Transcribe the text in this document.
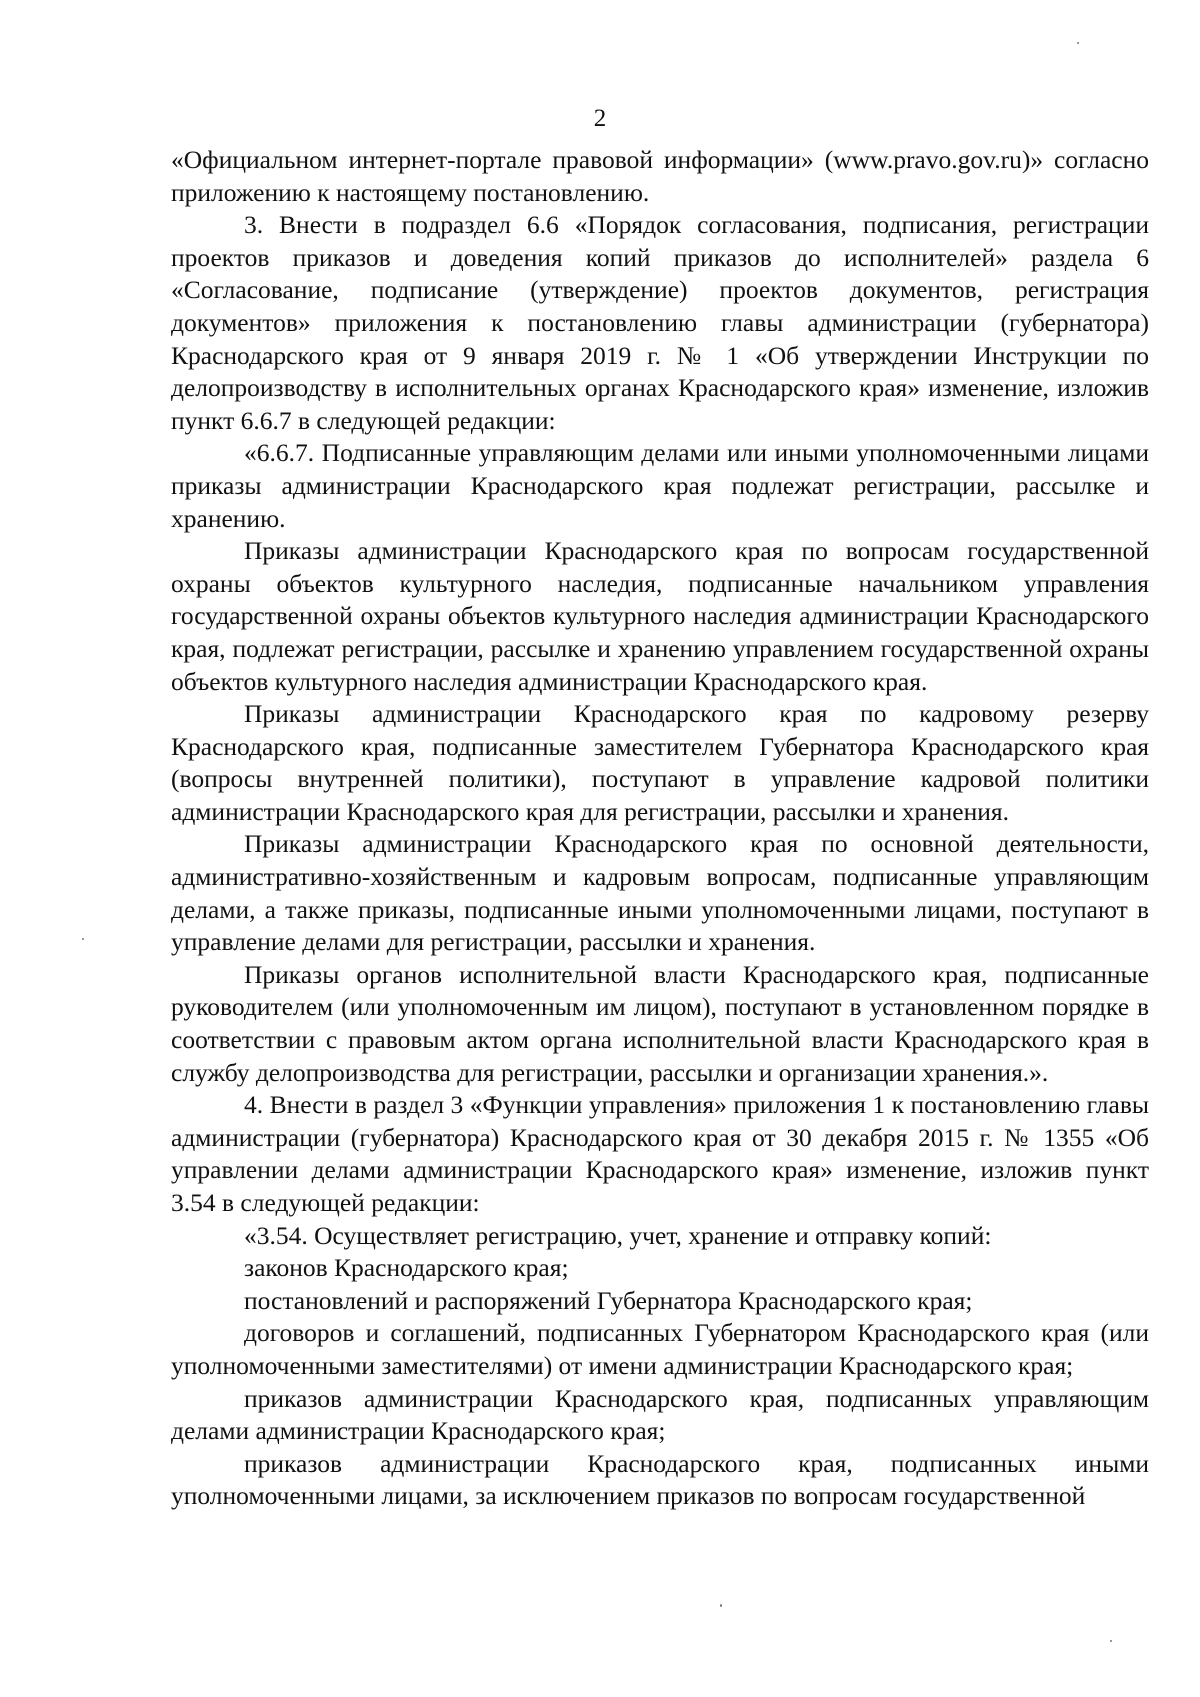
2

«Официальном интернет-портале правовой информации» (www.pravo.gov.ru)» согласно приложению к настоящему постановлению.

3. Внести в подраздел 6.6 «Порядок согласования, подписания, регистрации проектов приказов и доведения копий приказов до исполнителей» раздела 6 «Согласование, подписание (утверждение) проектов документов, регистрация документов» приложения к постановлению главы администрации (губернатора) Краснодарского края от 9 января 2019 г. № 1 «Об утверждении Инструкции по делопроизводству в исполнительных органах Краснодарского края» изменение, изложив пункт 6.6.7 в следующей редакции:

«6.6.7. Подписанные управляющим делами или иными уполномоченными лицами приказы администрации Краснодарского края подлежат регистрации, рассылке и хранению.

Приказы администрации Краснодарского края по вопросам государственной охраны объектов культурного наследия, подписанные начальником управления государственной охраны объектов культурного наследия администрации Краснодарского края, подлежат регистрации, рассылке и хранению управлением государственной охраны объектов культурного наследия администрации Краснодарского края.

Приказы администрации Краснодарского края по кадровому резерву Краснодарского края, подписанные заместителем Губернатора Краснодарского края (вопросы внутренней политики), поступают в управление кадровой политики администрации Краснодарского края для регистрации, рассылки и хранения.

Приказы администрации Краснодарского края по основной деятельности, административно-хозяйственным и кадровым вопросам, подписанные управляющим делами, а также приказы, подписанные иными уполномоченными лицами, поступают в управление делами для регистрации, рассылки и хранения.

Приказы органов исполнительной власти Краснодарского края, подписанные руководителем (или уполномоченным им лицом), поступают в установленном порядке в соответствии с правовым актом органа исполнительной власти Краснодарского края в службу делопроизводства для регистрации, рассылки и организации хранения.».

4. Внести в раздел 3 «Функции управления» приложения 1 к постановлению главы администрации (губернатора) Краснодарского края от 30 декабря 2015 г. № 1355 «Об управлении делами администрации Краснодарского края» изменение, изложив пункт 3.54 в следующей редакции:

«3.54. Осуществляет регистрацию, учет, хранение и отправку копий:

законов Краснодарского края;

постановлений и распоряжений Губернатора Краснодарского края;

договоров и соглашений, подписанных Губернатором Краснодарского края (или уполномоченными заместителями) от имени администрации Краснодарского края;

приказов администрации Краснодарского края, подписанных управляющим делами администрации Краснодарского края;

приказов администрации Краснодарского края, подписанных иными уполномоченными лицами, за исключением приказов по вопросам государственной
